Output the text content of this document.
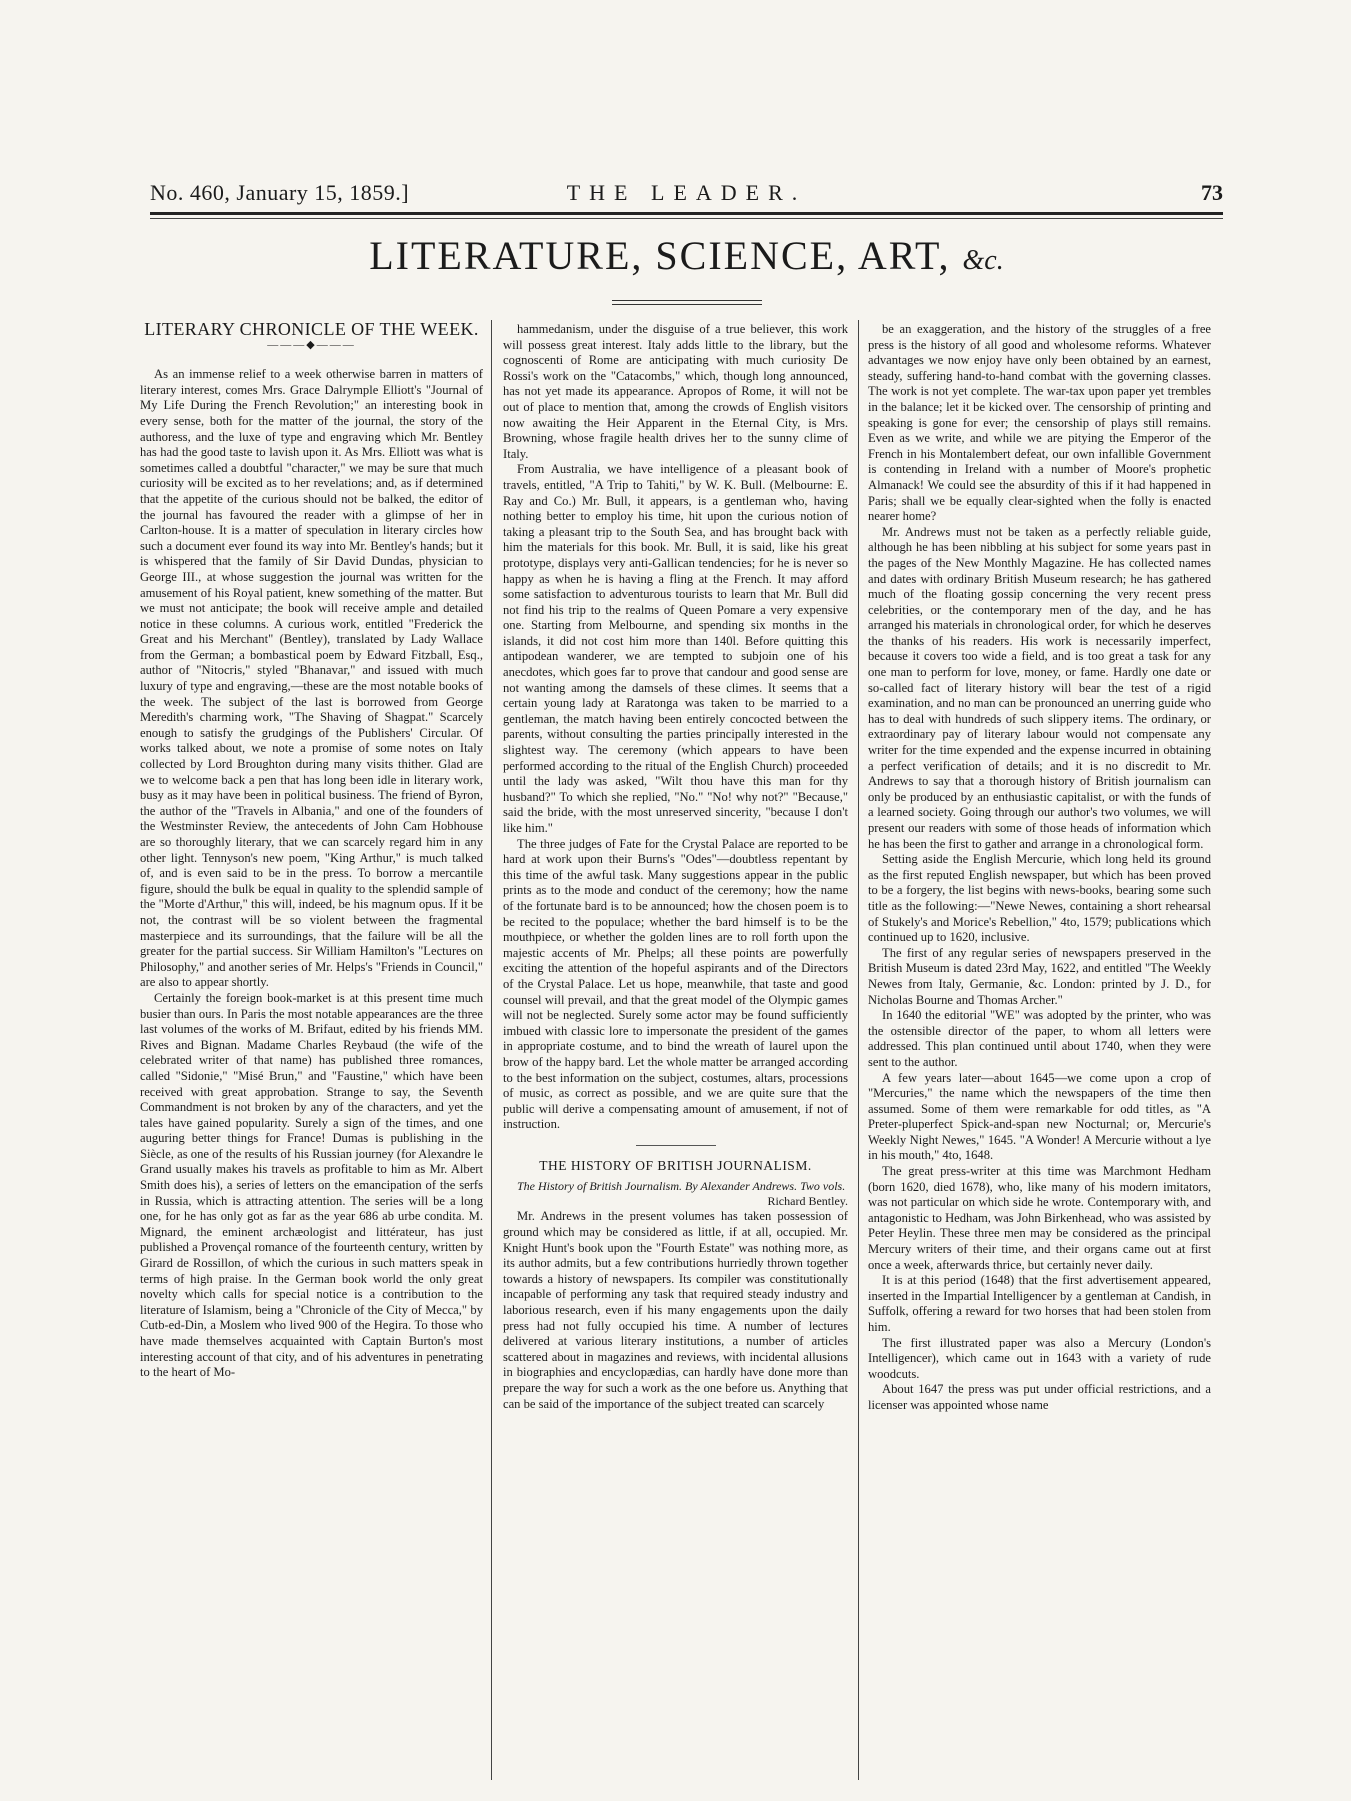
No. 460, January 15, 1859.]	THE LEADER.	73
LITERATURE, SCIENCE, ART, &c.

LITERARY CHRONICLE OF THE WEEK.

———◆———

As an immense relief to a week otherwise barren in matters of literary interest, comes Mrs. Grace Dalrymple Elliott's "Journal of My Life During the French Revolution;" an interesting book in every sense, both for the matter of the journal, the story of the authoress, and the luxe of type and engraving which Mr. Bentley has had the good taste to lavish upon it. As Mrs. Elliott was what is sometimes called a doubtful "character," we may be sure that much curiosity will be excited as to her revelations; and, as if determined that the appetite of the curious should not be balked, the editor of the journal has favoured the reader with a glimpse of her in Carlton-house. It is a matter of speculation in literary circles how such a document ever found its way into Mr. Bentley's hands; but it is whispered that the family of Sir David Dundas, physician to George III., at whose suggestion the journal was written for the amusement of his Royal patient, knew something of the matter. But we must not anticipate; the book will receive ample and detailed notice in these columns. A curious work, entitled "Frederick the Great and his Merchant" (Bentley), translated by Lady Wallace from the German; a bombastical poem by Edward Fitzball, Esq., author of "Nitocris," styled "Bhanavar," and issued with much luxury of type and engraving,—these are the most notable books of the week. The subject of the last is borrowed from George Meredith's charming work, "The Shaving of Shagpat." Scarcely enough to satisfy the grudgings of the Publishers' Circular. Of works talked about, we note a promise of some notes on Italy collected by Lord Broughton during many visits thither. Glad are we to welcome back a pen that has long been idle in literary work, busy as it may have been in political business. The friend of Byron, the author of the "Travels in Albania," and one of the founders of the Westminster Review, the antecedents of John Cam Hobhouse are so thoroughly literary, that we can scarcely regard him in any other light. Tennyson's new poem, "King Arthur," is much talked of, and is even said to be in the press. To borrow a mercantile figure, should the bulk be equal in quality to the splendid sample of the "Morte d'Arthur," this will, indeed, be his magnum opus. If it be not, the contrast will be so violent between the fragmental masterpiece and its surroundings, that the failure will be all the greater for the partial success. Sir William Hamilton's "Lectures on Philosophy," and another series of Mr. Helps's "Friends in Council," are also to appear shortly.

Certainly the foreign book-market is at this present time much busier than ours. In Paris the most notable appearances are the three last volumes of the works of M. Brifaut, edited by his friends MM. Rives and Bignan. Madame Charles Reybaud (the wife of the celebrated writer of that name) has published three romances, called "Sidonie," "Misé Brun," and "Faustine," which have been received with great approbation. Strange to say, the Seventh Commandment is not broken by any of the characters, and yet the tales have gained popularity. Surely a sign of the times, and one auguring better things for France! Dumas is publishing in the Siècle, as one of the results of his Russian journey (for Alexandre le Grand usually makes his travels as profitable to him as Mr. Albert Smith does his), a series of letters on the emancipation of the serfs in Russia, which is attracting attention. The series will be a long one, for he has only got as far as the year 686 ab urbe condita. M. Mignard, the eminent archæologist and littérateur, has just published a Provençal romance of the fourteenth century, written by Girard de Rossillon, of which the curious in such matters speak in terms of high praise. In the German book world the only great novelty which calls for special notice is a contribution to the literature of Islamism, being a "Chronicle of the City of Mecca," by Cutb-ed-Din, a Moslem who lived 900 of the Hegira. To those who have made themselves acquainted with Captain Burton's most interesting account of that city, and of his adventures in penetrating to the heart of Mo-

hammedanism, under the disguise of a true believer, this work will possess great interest. Italy adds little to the library, but the cognoscenti of Rome are anticipating with much curiosity De Rossi's work on the "Catacombs," which, though long announced, has not yet made its appearance. Apropos of Rome, it will not be out of place to mention that, among the crowds of English visitors now awaiting the Heir Apparent in the Eternal City, is Mrs. Browning, whose fragile health drives her to the sunny clime of Italy.

From Australia, we have intelligence of a pleasant book of travels, entitled, "A Trip to Tahiti," by W. K. Bull. (Melbourne: E. Ray and Co.) Mr. Bull, it appears, is a gentleman who, having nothing better to employ his time, hit upon the curious notion of taking a pleasant trip to the South Sea, and has brought back with him the materials for this book. Mr. Bull, it is said, like his great prototype, displays very anti-Gallican tendencies; for he is never so happy as when he is having a fling at the French. It may afford some satisfaction to adventurous tourists to learn that Mr. Bull did not find his trip to the realms of Queen Pomare a very expensive one. Starting from Melbourne, and spending six months in the islands, it did not cost him more than 140l. Before quitting this antipodean wanderer, we are tempted to subjoin one of his anecdotes, which goes far to prove that candour and good sense are not wanting among the damsels of these climes. It seems that a certain young lady at Raratonga was taken to be married to a gentleman, the match having been entirely concocted between the parents, without consulting the parties principally interested in the slightest way. The ceremony (which appears to have been performed according to the ritual of the English Church) proceeded until the lady was asked, "Wilt thou have this man for thy husband?" To which she replied, "No." "No! why not?" "Because," said the bride, with the most unreserved sincerity, "because I don't like him."

The three judges of Fate for the Crystal Palace are reported to be hard at work upon their Burns's "Odes"—doubtless repentant by this time of the awful task. Many suggestions appear in the public prints as to the mode and conduct of the ceremony; how the name of the fortunate bard is to be announced; how the chosen poem is to be recited to the populace; whether the bard himself is to be the mouthpiece, or whether the golden lines are to roll forth upon the majestic accents of Mr. Phelps; all these points are powerfully exciting the attention of the hopeful aspirants and of the Directors of the Crystal Palace. Let us hope, meanwhile, that taste and good counsel will prevail, and that the great model of the Olympic games will not be neglected. Surely some actor may be found sufficiently imbued with classic lore to impersonate the president of the games in appropriate costume, and to bind the wreath of laurel upon the brow of the happy bard. Let the whole matter be arranged according to the best information on the subject, costumes, altars, processions of music, as correct as possible, and we are quite sure that the public will derive a compensating amount of amusement, if not of instruction.

THE HISTORY OF BRITISH JOURNALISM.

The History of British Journalism. By Alexander Andrews. Two vols.
Richard Bentley.

Mr. Andrews in the present volumes has taken possession of ground which may be considered as little, if at all, occupied. Mr. Knight Hunt's book upon the "Fourth Estate" was nothing more, as its author admits, but a few contributions hurriedly thrown together towards a history of newspapers. Its compiler was constitutionally incapable of performing any task that required steady industry and laborious research, even if his many engagements upon the daily press had not fully occupied his time. A number of lectures delivered at various literary institutions, a number of articles scattered about in magazines and reviews, with incidental allusions in biographies and encyclopædias, can hardly have done more than prepare the way for such a work as the one before us. Anything that can be said of the importance of the subject treated can scarcely

be an exaggeration, and the history of the struggles of a free press is the history of all good and wholesome reforms. Whatever advantages we now enjoy have only been obtained by an earnest, steady, suffering hand-to-hand combat with the governing classes. The work is not yet complete. The war-tax upon paper yet trembles in the balance; let it be kicked over. The censorship of printing and speaking is gone for ever; the censorship of plays still remains. Even as we write, and while we are pitying the Emperor of the French in his Montalembert defeat, our own infallible Government is contending in Ireland with a number of Moore's prophetic Almanack! We could see the absurdity of this if it had happened in Paris; shall we be equally clear-sighted when the folly is enacted nearer home?

Mr. Andrews must not be taken as a perfectly reliable guide, although he has been nibbling at his subject for some years past in the pages of the New Monthly Magazine. He has collected names and dates with ordinary British Museum research; he has gathered much of the floating gossip concerning the very recent press celebrities, or the contemporary men of the day, and he has arranged his materials in chronological order, for which he deserves the thanks of his readers. His work is necessarily imperfect, because it covers too wide a field, and is too great a task for any one man to perform for love, money, or fame. Hardly one date or so-called fact of literary history will bear the test of a rigid examination, and no man can be pronounced an unerring guide who has to deal with hundreds of such slippery items. The ordinary, or extraordinary pay of literary labour would not compensate any writer for the time expended and the expense incurred in obtaining a perfect verification of details; and it is no discredit to Mr. Andrews to say that a thorough history of British journalism can only be produced by an enthusiastic capitalist, or with the funds of a learned society. Going through our author's two volumes, we will present our readers with some of those heads of information which he has been the first to gather and arrange in a chronological form.

Setting aside the English Mercurie, which long held its ground as the first reputed English newspaper, but which has been proved to be a forgery, the list begins with news-books, bearing some such title as the following:—"Newe Newes, containing a short rehearsal of Stukely's and Morice's Rebellion," 4to, 1579; publications which continued up to 1620, inclusive.

The first of any regular series of newspapers preserved in the British Museum is dated 23rd May, 1622, and entitled "The Weekly Newes from Italy, Germanie, &c. London: printed by J. D., for Nicholas Bourne and Thomas Archer."

In 1640 the editorial "WE" was adopted by the printer, who was the ostensible director of the paper, to whom all letters were addressed. This plan continued until about 1740, when they were sent to the author.

A few years later—about 1645—we come upon a crop of "Mercuries," the name which the newspapers of the time then assumed. Some of them were remarkable for odd titles, as "A Preter-pluperfect Spick-and-span new Nocturnal; or, Mercurie's Weekly Night Newes," 1645. "A Wonder! A Mercurie without a lye in his mouth," 4to, 1648.

The great press-writer at this time was Marchmont Hedham (born 1620, died 1678), who, like many of his modern imitators, was not particular on which side he wrote. Contemporary with, and antagonistic to Hedham, was John Birkenhead, who was assisted by Peter Heylin. These three men may be considered as the principal Mercury writers of their time, and their organs came out at first once a week, afterwards thrice, but certainly never daily.

It is at this period (1648) that the first advertisement appeared, inserted in the Impartial Intelligencer by a gentleman at Candish, in Suffolk, offering a reward for two horses that had been stolen from him.

The first illustrated paper was also a Mercury (London's Intelligencer), which came out in 1643 with a variety of rude woodcuts.

About 1647 the press was put under official restrictions, and a licenser was appointed whose name
